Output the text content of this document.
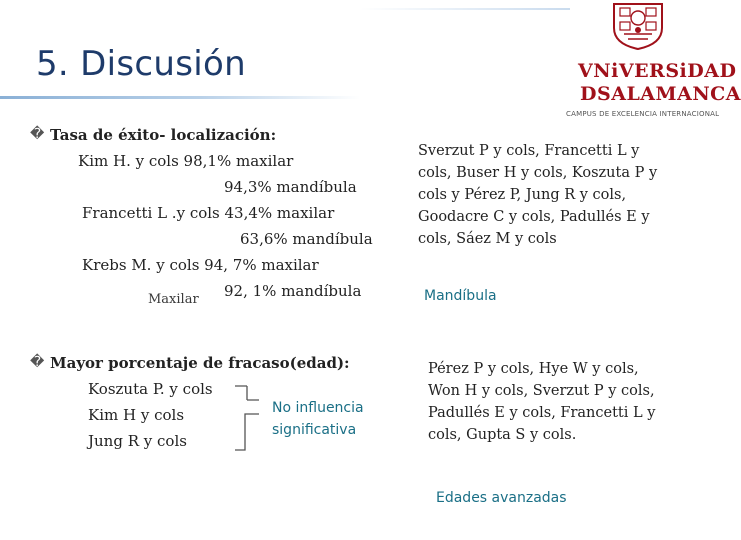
5. Discusión	VNiVERSiDAD
DSALAMANCA
CAMPUS DE EXCELENCIA INTERNACIONAL
� Tasa de éxito- localización:
Kim H. y cols 98,1% maxilar
94,3% mandíbula
Francetti L .y cols 43,4% maxilar
63,6% mandíbula
Krebs M. y cols 94, 7% maxilar
Maxilar 92, 1% mandíbula
� Mayor porcentaje de fracaso(edad):
Koszuta P. y cols
Kim H y cols
Jung R y cols
No influencia
significativa
Sverzut P y cols, Francetti L y cols, Buser H y cols, Koszuta P y cols y Pérez P, Jung R y cols, Goodacre C y cols, Padullés E y cols, Sáez M y cols
Mandíbula
Pérez P y cols, Hye W y cols, Won H y cols, Sverzut P y cols, Padullés E y cols, Francetti L y cols, Gupta S y cols.
Edades avanzadas
